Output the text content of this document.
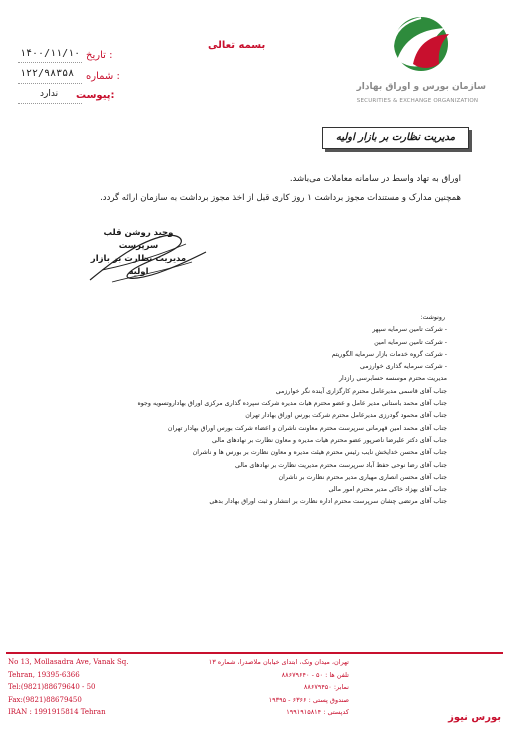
بسمه تعالی
۱۴۰۰/۱۱/۱۰ تاریخ :
۱۲۲/۹۸۳۵۸ شماره :
ندارد پیوست:
سازمان بورس و اوراق بهادار
SECURITIES & EXCHANGE ORGANIZATION
مدیریت نظارت بر بازار اولیه
اوراق به تهاد واسط در سامانه معاملات می‌باشد.
همچنین مدارک و مستندات مجوز برداشت ۱ روز کاری قبل از اخذ مجوز برداشت به سازمان ارائه گردد.
وحید روشن قلب
سرپرست
مدیریت نظارت بر بازار اولیه
رونوشت:
- شرکت تامین سرمایه سپهر
- شرکت تامین سرمایه امین
- شرکت گروه خدمات بازار سرمایه الگوریتم
- شرکت سرمایه گذاری خوارزمی
مدیریت محترم موسسه حسابرسی رازدار
جناب آقای قاسمی مدیرعامل محترم کارگزاری آینده نگر خوارزمی
جناب آقای محمد باستانی مدیر عامل و عضو محترم هیات مدیره شرکت سپرده گذاری مرکزی اوراق بهاداروتسویه وجوه
جناب آقای محمود گودرزی مدیرعامل محترم شرکت بورس اوراق بهادار تهران
جناب آقای محمد امین قهرمانی سرپرست محترم معاونت ناشران و اعضاء شرکت بورس اوراق بهادار تهران
جناب آقای دکتر علیرضا ناصرپور عضو محترم هیات مدیره و معاون نظارت بر نهادهای مالی
جناب آقای محسن خدایخش نایب رئیس محترم هیئت مدیره و معاون نظارت بر بورس ها و ناشران
جناب آقای رضا نوحی حفظ آباد سرپرست محترم مدیریت نظارت بر نهادهای مالی
جناب آقای محسن انصاری مهیاری مدیر محترم نظارت بر ناشران
جناب آقای بهزاد خاکی مدیر محترم امور مالی
جناب آقای مرتضی چشان سرپرست محترم اداره نظارت بر انتشار و ثبت اوراق بهادار بدهی
No 13, Mollasadra Ave, Vanak Sq.
Tehran, 19395-6366
Tel:(9821)88679640 - 50
Fax:(9821)88679450
IRAN : 1991915814 Tehran
تهران، میدان ونک، ابتدای خیابان ملاصدرا، شماره ۱۳
تلفن ها : ۵۰ - ۸۸۶۷۹۶۴۰
نمابر: ۸۸۶۷۹۴۵۰
صندوق پستی : ۶۳۶۶ - ۱۹۳۹۵
کدپستی : ۱۹۹۱۹۱۵۸۱۴	بورس نیوز
